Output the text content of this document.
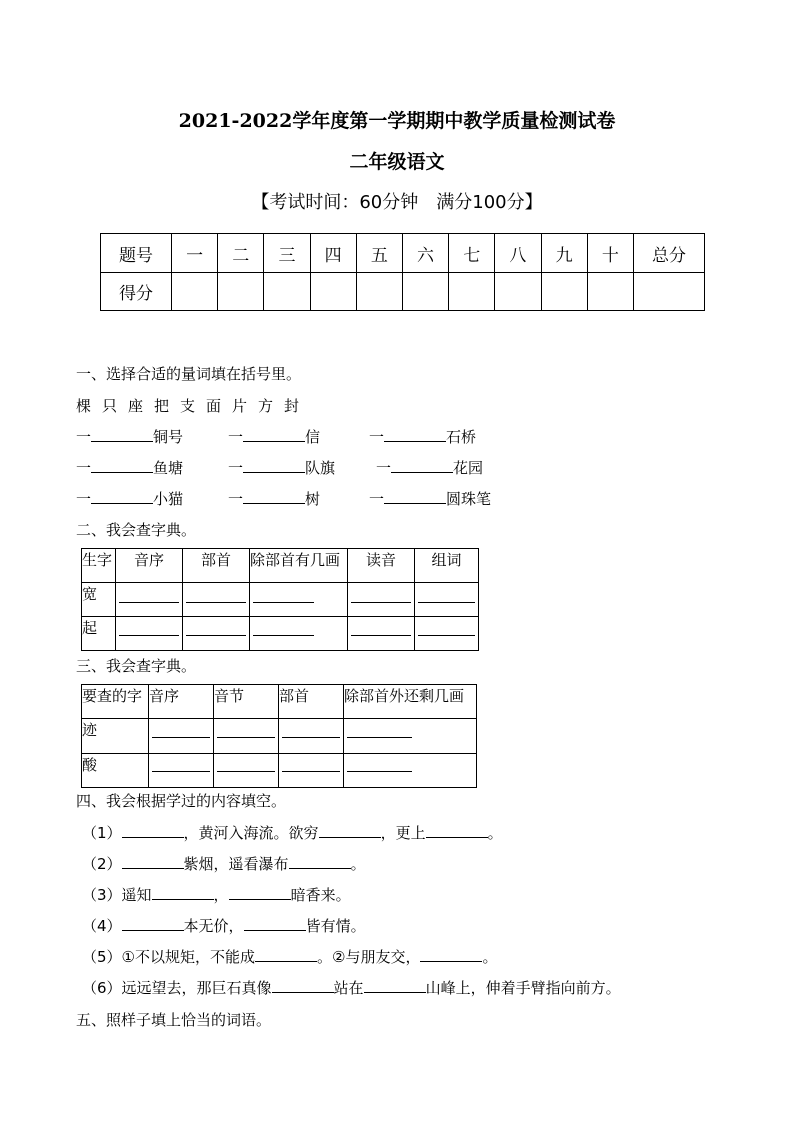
2021-2022学年度第一学期期中教学质量检测试卷
二年级语文
【考试时间：60分钟　满分100分】
题号	一	二	三	四	五	六	七	八	九	十	总分
得分											
一、选择合适的量词填在括号里。
棵 只 座 把 支 面 片 方 封
一	铜号	一	信	一	石桥
一	鱼塘	一	队旗	一	花园
一	小猫	一	树	一	圆珠笔
二、我会查字典。
生字	音序	部首	除部首有几画	读音	组词
宽	

起	

三、我会查字典。
要查的字	音序	音节	部首	除部首外还剩几画
迹	

酸	

四、我会根据学过的内容填空。
（1）	，黄河入海流。欲穷	，更上	。
（2）	紫烟，遥看瀑布	。
（3）遥知	，	暗香来。
（4）	本无价，	皆有情。
（5）①不以规矩，不能成	。②与朋友交，	。
（6）远远望去，那巨石真像	站在	山峰上，伸着手臂指向前方。
五、照样子填上恰当的词语。
